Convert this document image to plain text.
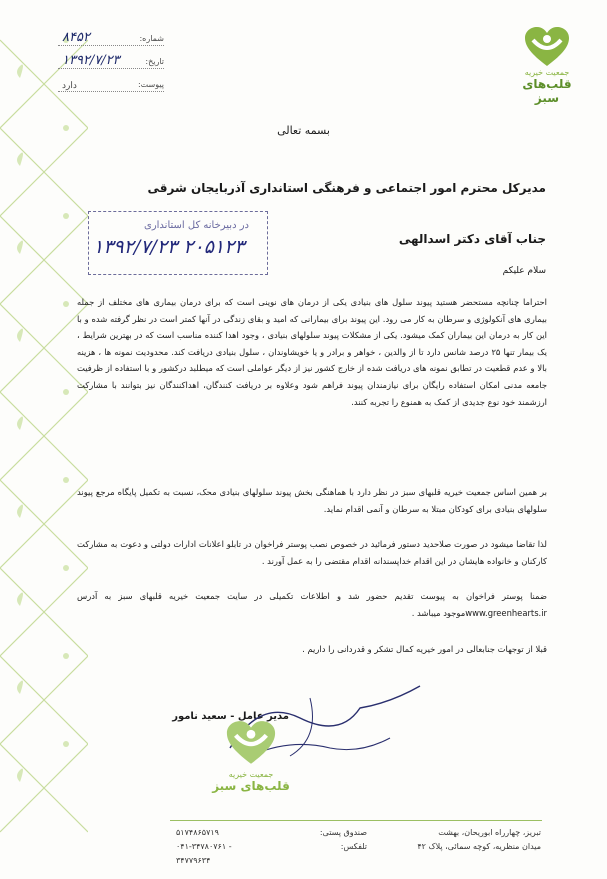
جمعیت خیریه
قلب‌های سبز
شماره:
۸۴۵۲
تاریخ:
۱۳۹۲/۷/۲۳
پیوست:
دارد
بسمه تعالی
مدیرکل محترم امور اجتماعی و فرهنگی استانداری آذربایجان شرقی
در دبیرخانه کل استانداری
۱۳۹۲/۷/۲۳ ۲۰۵۱۲۳	جناب آقای دکتر اسدالهی
سلام علیکم
احتراما چنانچه مستحضر هستید پیوند سلول های بنیادی یکی از درمان های نوینی است که برای درمان بیماری های مختلف از جمله بیماری های آنکولوژی و سرطان به کار می رود. این پیوند برای بیمارانی که امید و بقای زندگی در آنها کمتر است در نظر گرفته شده و با این کار به درمان این بیماران کمک میشود. یکی از مشکلات پیوند سلولهای بنیادی ، وجود اهدا کننده مناسب است که در بهترین شرایط ، یک بیمار تنها ۲۵ درصد شانس دارد تا از والدین ، خواهر و برادر و یا خویشاوندان ، سلول بنیادی دریافت کند. محدودیت نمونه ها ، هزینه بالا و عدم قطعیت در تطابق نمونه های دریافت شده از خارج کشور نیز از دیگر عواملی است که میطلبد درکشور و با استفاده از ظرفیت جامعه مدنی امکان استفاده رایگان برای نیازمندان پیوند فراهم شود وعلاوه بر دریافت کنندگان، اهداکنندگان نیز بتوانند با مشارکت ارزشمند خود نوع جدیدی از کمک به همنوع را تجربه کنند.
بر همین اساس جمعیت خیریه قلبهای سبز در نظر دارد با هماهنگی بخش پیوند سلولهای بنیادی محک، نسبت به تکمیل پایگاه مرجع پیوند سلولهای بنیادی برای کودکان مبتلا به سرطان و آنمی اقدام نماید.
لذا تقاضا میشود در صورت صلاحدید دستور فرمائید در خصوص نصب پوستر فراخوان در تابلو اعلانات ادارات دولتی و دعوت به مشارکت کارکنان و خانواده هایشان در این اقدام خداپسندانه اقدام مقتضی را به عمل آورند .
ضمنا پوستر فراخوان به پیوست تقدیم حضور شد و اطلاعات تکمیلی در سایت جمعیت خیریه قلبهای سبز به آدرس www.greenhearts.irموجود میباشد .
قبلا از توجهات جنابعالی در امور خیریه کمال تشکر و قدردانی را داریم .
مدیر عامل - سعید نامور
جمعیت خیریه
قلب‌های سبز
تبریز، چهارراه ابوریحان، بهشت
میدان منظریه، کوچه سمائی، پلاک ۴۲
صندوق پستی:
تلفکس:
۵۱۷۴۸۶۵۷۱۹
۰۴۱-۳۴۷۸۰۷۶۱ - ۳۴۷۷۹۶۳۴
